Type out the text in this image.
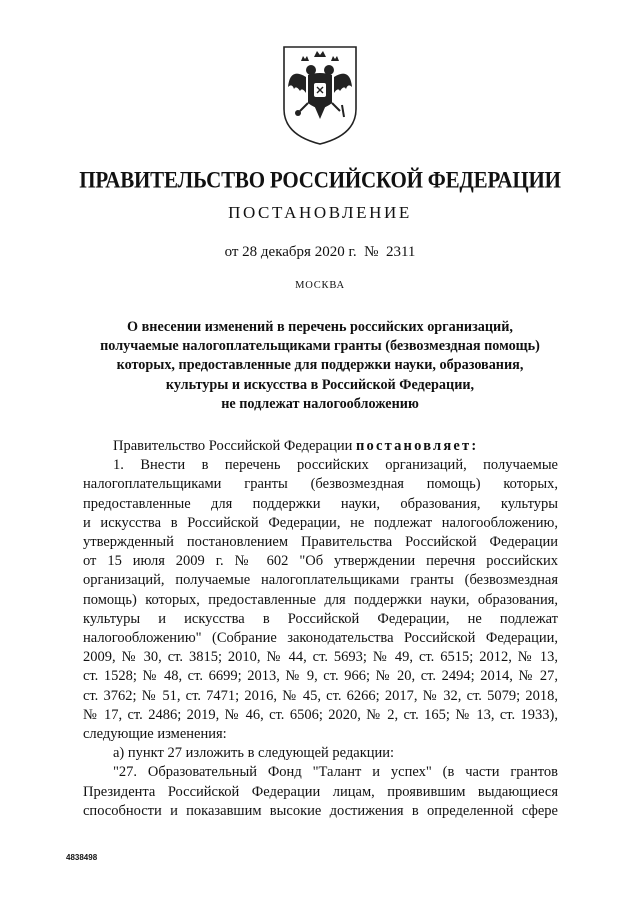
ПРАВИТЕЛЬСТВО РОССИЙСКОЙ ФЕДЕРАЦИИ
ПОСТАНОВЛЕНИЕ
от 28 декабря 2020 г. № 2311
МОСКВА
О внесении изменений в перечень российских организаций,
получаемые налогоплательщиками гранты (безвозмездная помощь)
которых, предоставленные для поддержки науки, образования,
культуры и искусства в Российской Федерации,
не подлежат налогообложению
Правительство Российской Федерации постановляет:
1. Внести в перечень российских организаций, получаемые
налогоплательщиками гранты (безвозмездная помощь) которых,
предоставленные для поддержки науки, образования, культуры
и искусства в Российской Федерации, не подлежат налогообложению,
утвержденный постановлением Правительства Российской Федерации
от 15 июля 2009 г. № 602 "Об утверждении перечня российских
организаций, получаемые налогоплательщиками гранты (безвозмездная
помощь) которых, предоставленные для поддержки науки, образования,
культуры и искусства в Российской Федерации, не подлежат
налогообложению" (Собрание законодательства Российской Федерации,
2009, № 30, ст. 3815; 2010, № 44, ст. 5693; № 49, ст. 6515; 2012, № 13,
ст. 1528; № 48, ст. 6699; 2013, № 9, ст. 966; № 20, ст. 2494; 2014, № 27,
ст. 3762; № 51, ст. 7471; 2016, № 45, ст. 6266; 2017, № 32, ст. 5079; 2018,
№ 17, ст. 2486; 2019, № 46, ст. 6506; 2020, № 2, ст. 165; № 13, ст. 1933),
следующие изменения:
а) пункт 27 изложить в следующей редакции:
"27. Образовательный Фонд "Талант и успех" (в части грантов
Президента Российской Федерации лицам, проявившим выдающиеся
способности и показавшим высокие достижения в определенной сфере
4838498
